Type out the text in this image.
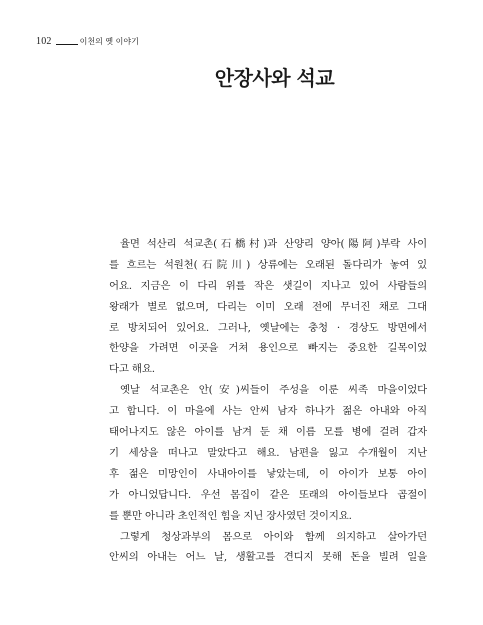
102	이천의 옛 이야기
안장사와 석교
율면 석산리 석교촌(石橋村)과 산양리 양아(陽阿)부락 사이
를 흐르는 석원천(石院川) 상류에는 오래된 돌다리가 놓여 있
어요. 지금은 이 다리 위를 작은 샛길이 지나고 있어 사람들의
왕래가 별로 없으며, 다리는 이미 오래 전에 무너진 채로 그대
로 방치되어 있어요. 그러나, 옛날에는 충청 · 경상도 방면에서
한양을 가려면 이곳을 거쳐 용인으로 빠지는 중요한 길목이었
다고 해요.
옛날 석교촌은 안(安)씨들이 주성을 이룬 씨족 마을이었다
고 합니다. 이 마을에 사는 안씨 남자 하나가 젊은 아내와 아직
태어나지도 않은 아이를 남겨 둔 채 이름 모를 병에 걸려 갑자
기 세상을 떠나고 말았다고 해요. 남편을 잃고 수개월이 지난
후 젊은 미망인이 사내아이를 낳았는데, 이 아이가 보통 아이
가 아니었답니다. 우선 몸집이 같은 또래의 아이들보다 곱절이
를 뿐만 아니라 초인적인 힘을 지닌 장사였던 것이지요.
그렇게 청상과부의 몸으로 아이와 함께 의지하고 살아가던
안씨의 아내는 어느 날, 생활고를 견디지 못해 돈을 빌려 일을
